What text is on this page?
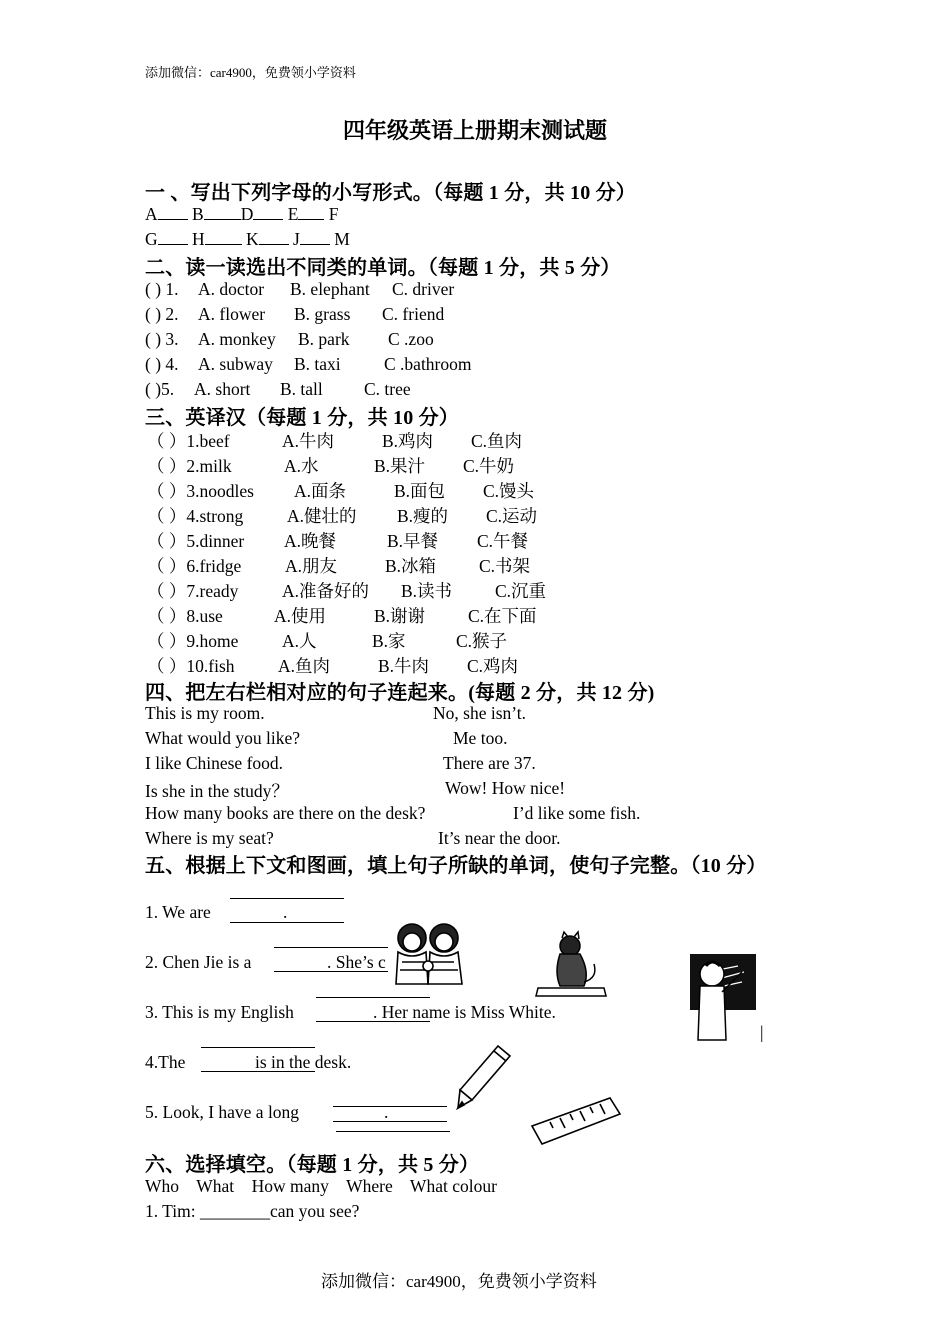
添加微信：car4900，免费领小学资料
四年级英语上册期末测试题
一 、写出下列字母的小写形式。（每题 1 分，共 10 分）
A B D E F
G H K J M
二、读一读选出不同类的单词。（每题 1 分，共 5 分）
( ) 1. A. doctor B. elephant C. driver
( ) 2. A. flower B. grass C. friend
( ) 3. A. monkey B. park C .zoo
( ) 4. A. subway B. taxi C .bathroom
( )5. A. short B. tall C. tree
三、英译汉（每题 1 分，共 10 分）
（ ）1.beef	A.牛肉	B.鸡肉 C.鱼肉
（ ）2.milk	A.水	B.果汁 C.牛奶
（ ）3.noodles A.面条	B.面包 C.馒头
（ ）4.strong	A.健壮的 B.瘦的 C.运动
（ ）5.dinner A.晚餐	B.早餐 C.午餐
（ ）6.fridge A.朋友	B.冰箱 C.书架
（ ）7.ready A.准备好的 B.读书 C.沉重
（ ）8.use	A.使用	B.谢谢 C.在下面
（ ）9.home A.人	B.家	C.猴子
（ ）10.fish A.鱼肉	B.牛肉 C.鸡肉
四、把左右栏相对应的句子连起来。(每题 2 分，共 12 分)
This is my room.
What would you like?
I like Chinese food.
Is she in the study？
How many books are there on the desk?
Where is my seat?
No, she isn’t.
Me too.
There are 37.
Wow! How nice!
I’d like some fish.
It’s near the door.
五、根据上下文和图画，填上句子所缺的单词，使句子完整。（10 分）
|
1. We are	.
2. Chen Jie is a	. She’s c
3. This is my English	. Her name is Miss White.
4.The	is in the desk.
5. Look, I have a long	.
六、选择填空。（每题 1 分，共 5 分）
Who What How many Where What colour
1. Tim: ________can you see?
添加微信：car4900，免费领小学资料
